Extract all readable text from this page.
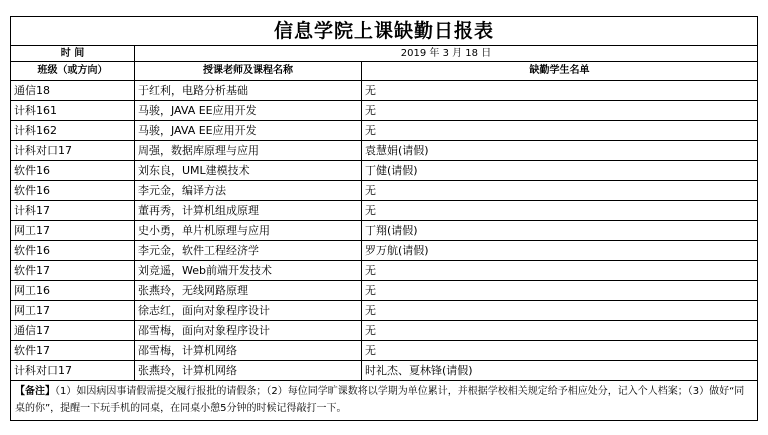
信息学院上课缺勤日报表		
时 间	2019 年 3 月 18 日	
班级（或方向）	授课老师及课程名称	缺勤学生名单
通信18	于红利，电路分析基础	无
计科161	马骏，JAVA EE应用开发	无
计科162	马骏，JAVA EE应用开发	无
计科对口17	周强，数据库原理与应用	袁慧娟(请假)
软件16	刘东良，UML建模技术	丁健(请假)
软件16	李元金，编译方法	无
计科17	董再秀，计算机组成原理	无
网工17	史小勇，单片机原理与应用	丁翔(请假)
软件16	李元金，软件工程经济学	罗万航(请假)
软件17	刘竞遥，Web前端开发技术	无
网工16	张燕玲，无线网路原理	无
网工17	徐志红，面向对象程序设计	无
通信17	邵雪梅，面向对象程序设计	无
软件17	邵雪梅，计算机网络	无
计科对口17	张燕玲，计算机网络	时礼杰、夏林锋(请假)
【备注】（1）如因病因事请假需提交履行报批的请假条；（2）每位同学旷课数将以学期为单位累计，并根据学校相关规定给予相应处分，记入个人档案；（3）做好“同桌的你”，提醒一下玩手机的同桌，在同桌小憩5分钟的时候记得敲打一下。		
